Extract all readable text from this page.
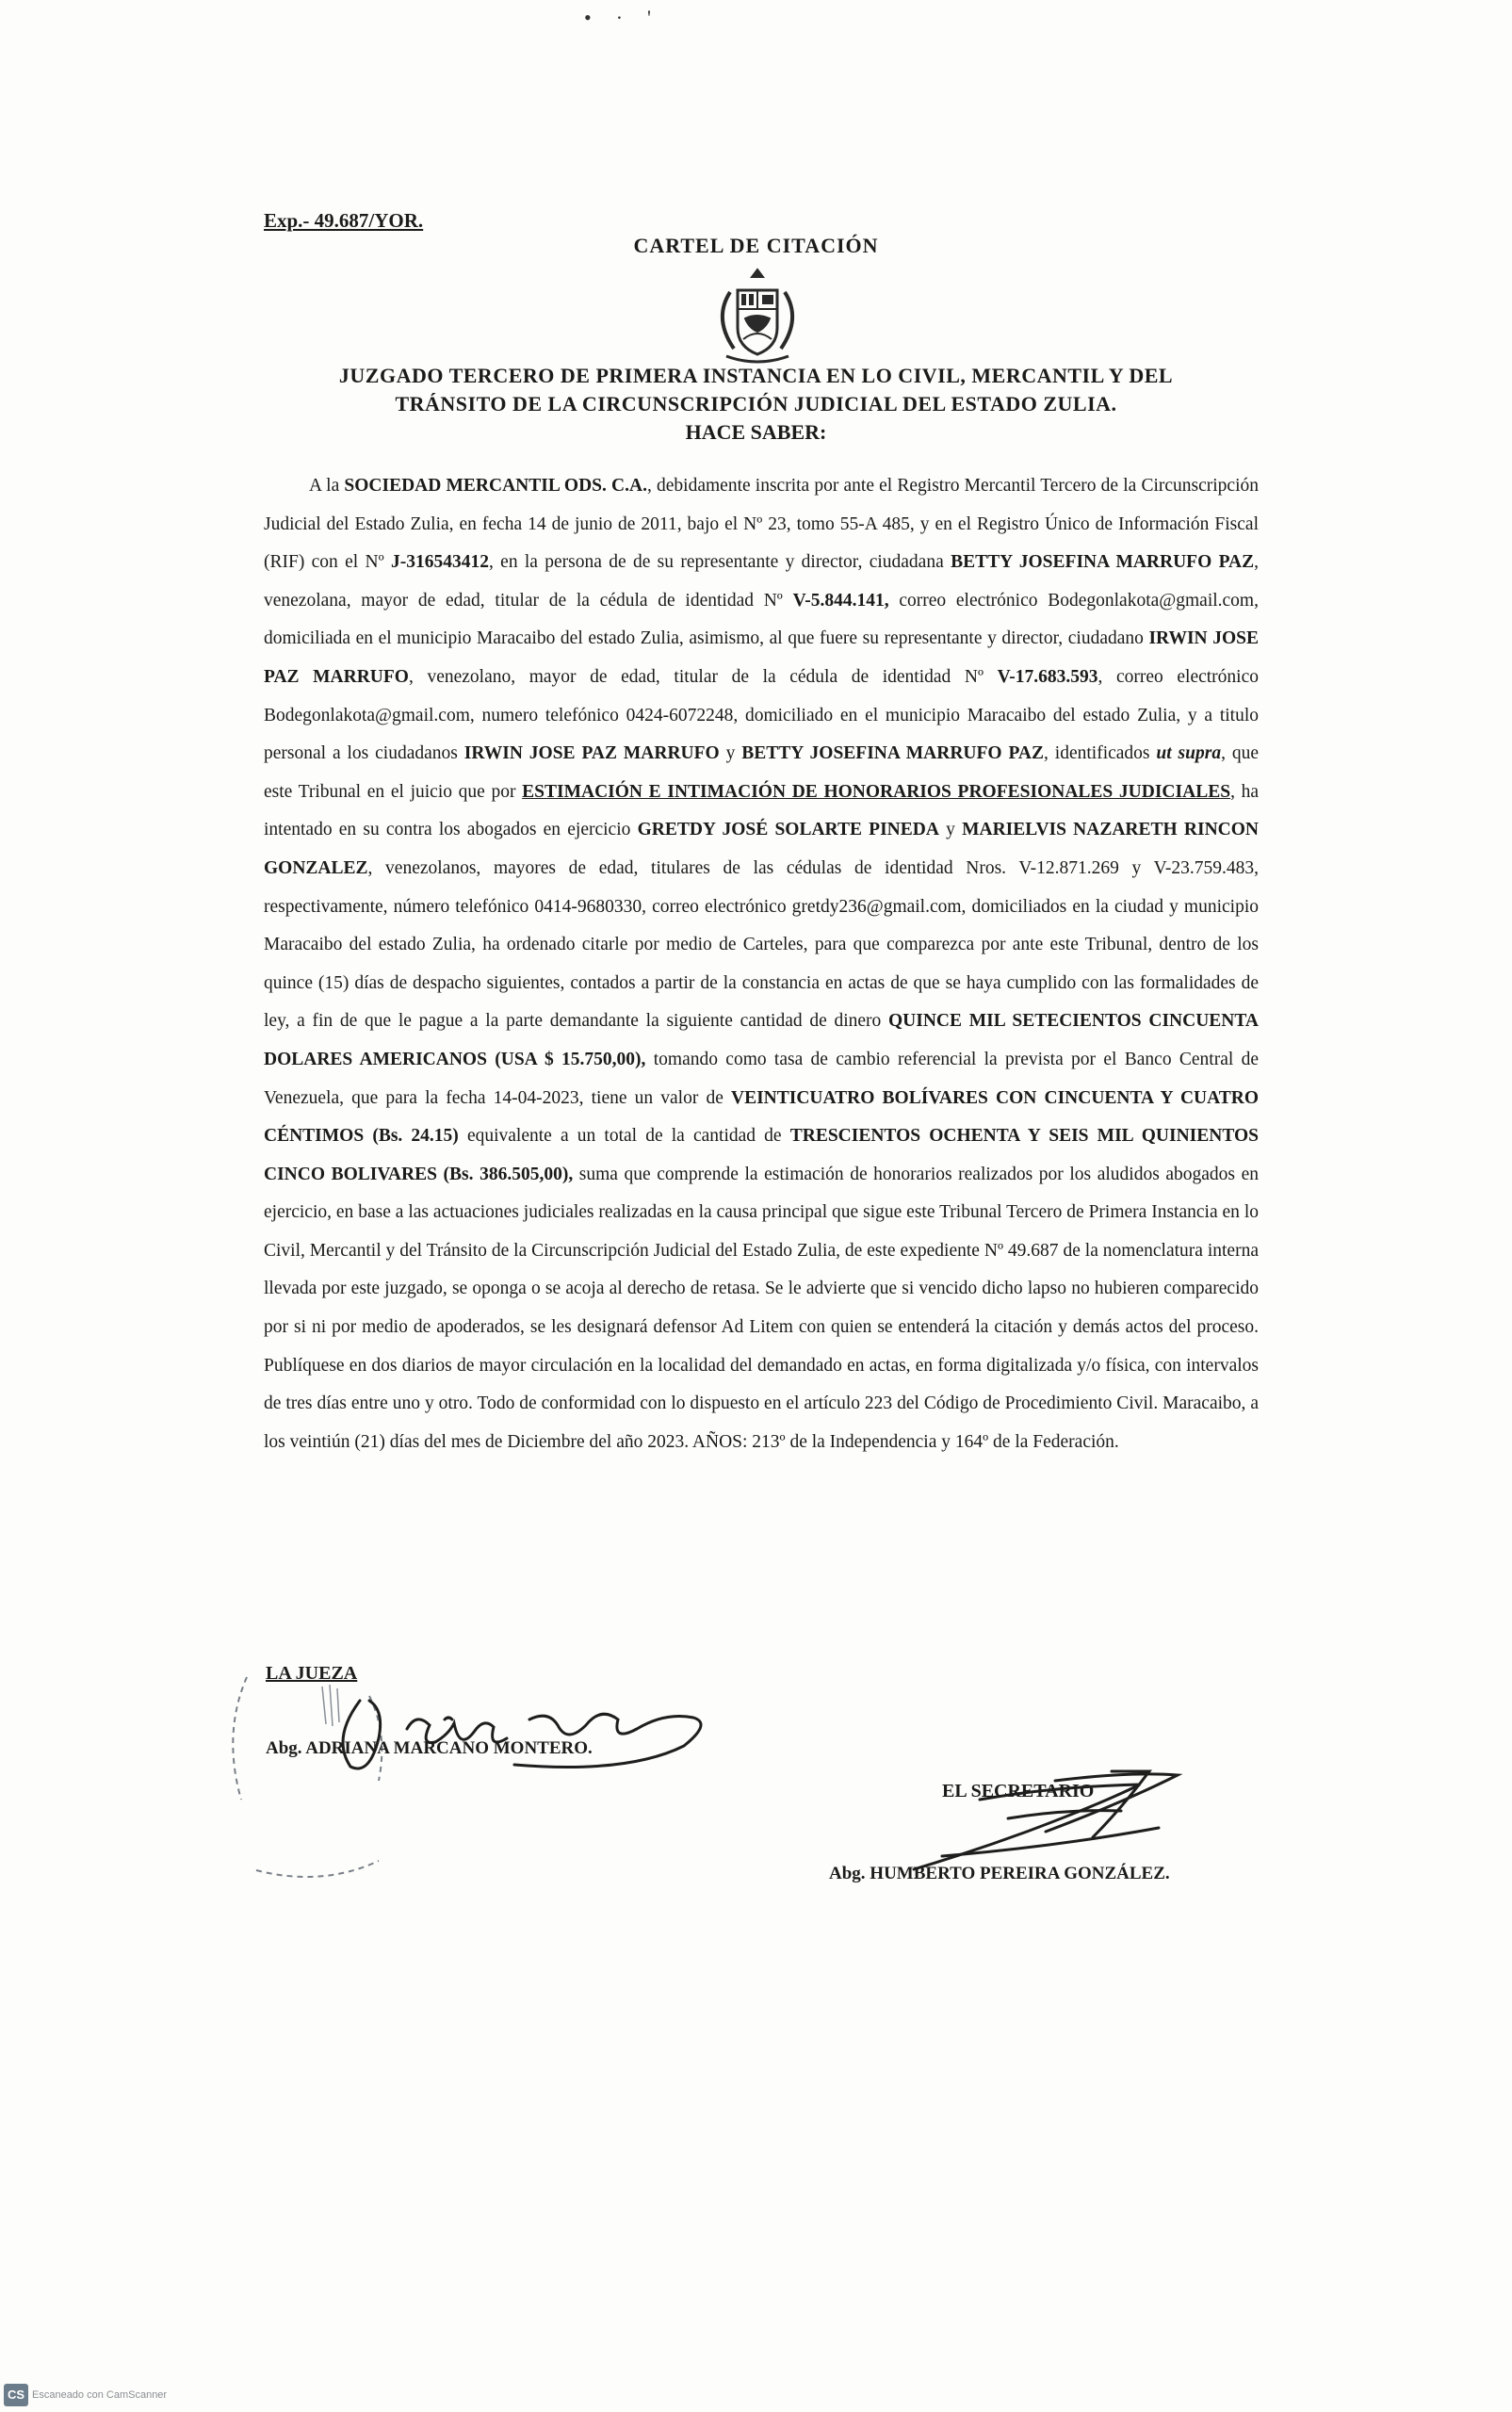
•·'
Exp.- 49.687/YOR.
CARTEL DE CITACIÓN
JUZGADO TERCERO DE PRIMERA INSTANCIA EN LO CIVIL, MERCANTIL Y DEL
TRÁNSITO DE LA CIRCUNSCRIPCIÓN JUDICIAL DEL ESTADO ZULIA.
HACE SABER:

A la SOCIEDAD MERCANTIL ODS. C.A., debidamente inscrita por ante el Registro Mercantil Tercero de la Circunscripción Judicial del Estado Zulia, en fecha 14 de junio de 2011, bajo el Nº 23, tomo 55-A 485, y en el Registro Único de Información Fiscal (RIF) con el Nº J-316543412, en la persona de de su representante y director, ciudadana BETTY JOSEFINA MARRUFO PAZ, venezolana, mayor de edad, titular de la cédula de identidad Nº V-5.844.141, correo electrónico Bodegonlakota@gmail.com, domiciliada en el municipio Maracaibo del estado Zulia, asimismo, al que fuere su representante y director, ciudadano IRWIN JOSE PAZ MARRUFO, venezolano, mayor de edad, titular de la cédula de identidad Nº V-17.683.593, correo electrónico Bodegonlakota@gmail.com, numero telefónico 0424-6072248, domiciliado en el municipio Maracaibo del estado Zulia, y a titulo personal a los ciudadanos IRWIN JOSE PAZ MARRUFO y BETTY JOSEFINA MARRUFO PAZ, identificados ut supra, que este Tribunal en el juicio que por ESTIMACIÓN E INTIMACIÓN DE HONORARIOS PROFESIONALES JUDICIALES, ha intentado en su contra los abogados en ejercicio GRETDY JOSÉ SOLARTE PINEDA y MARIELVIS NAZARETH RINCON GONZALEZ, venezolanos, mayores de edad, titulares de las cédulas de identidad Nros. V-12.871.269 y V-23.759.483, respectivamente, número telefónico 0414-9680330, correo electrónico gretdy236@gmail.com, domiciliados en la ciudad y municipio Maracaibo del estado Zulia, ha ordenado citarle por medio de Carteles, para que comparezca por ante este Tribunal, dentro de los quince (15) días de despacho siguientes, contados a partir de la constancia en actas de que se haya cumplido con las formalidades de ley, a fin de que le pague a la parte demandante la siguiente cantidad de dinero QUINCE MIL SETECIENTOS CINCUENTA DOLARES AMERICANOS (USA $ 15.750,00), tomando como tasa de cambio referencial la prevista por el Banco Central de Venezuela, que para la fecha 14-04-2023, tiene un valor de VEINTICUATRO BOLÍVARES CON CINCUENTA Y CUATRO CÉNTIMOS (Bs. 24.15) equivalente a un total de la cantidad de TRESCIENTOS OCHENTA Y SEIS MIL QUINIENTOS CINCO BOLIVARES (Bs. 386.505,00), suma que comprende la estimación de honorarios realizados por los aludidos abogados en ejercicio, en base a las actuaciones judiciales realizadas en la causa principal que sigue este Tribunal Tercero de Primera Instancia en lo Civil, Mercantil y del Tránsito de la Circunscripción Judicial del Estado Zulia, de este expediente Nº 49.687 de la nomenclatura interna llevada por este juzgado, se oponga o se acoja al derecho de retasa. Se le advierte que si vencido dicho lapso no hubieren comparecido por si ni por medio de apoderados, se les designará defensor Ad Litem con quien se entenderá la citación y demás actos del proceso. Publíquese en dos diarios de mayor circulación en la localidad del demandado en actas, en forma digitalizada y/o física, con intervalos de tres días entre uno y otro. Todo de conformidad con lo dispuesto en el artículo 223 del Código de Procedimiento Civil. Maracaibo, a los veintiún (21) días del mes de Diciembre del año 2023. AÑOS: 213º de la Independencia y 164º de la Federación.

LA JUEZA
Abg. ADRIANA MARCANO MONTERO.
EL SECRETARIO
Abg. HUMBERTO PEREIRA GONZÁLEZ.
CS Escaneado con CamScanner
